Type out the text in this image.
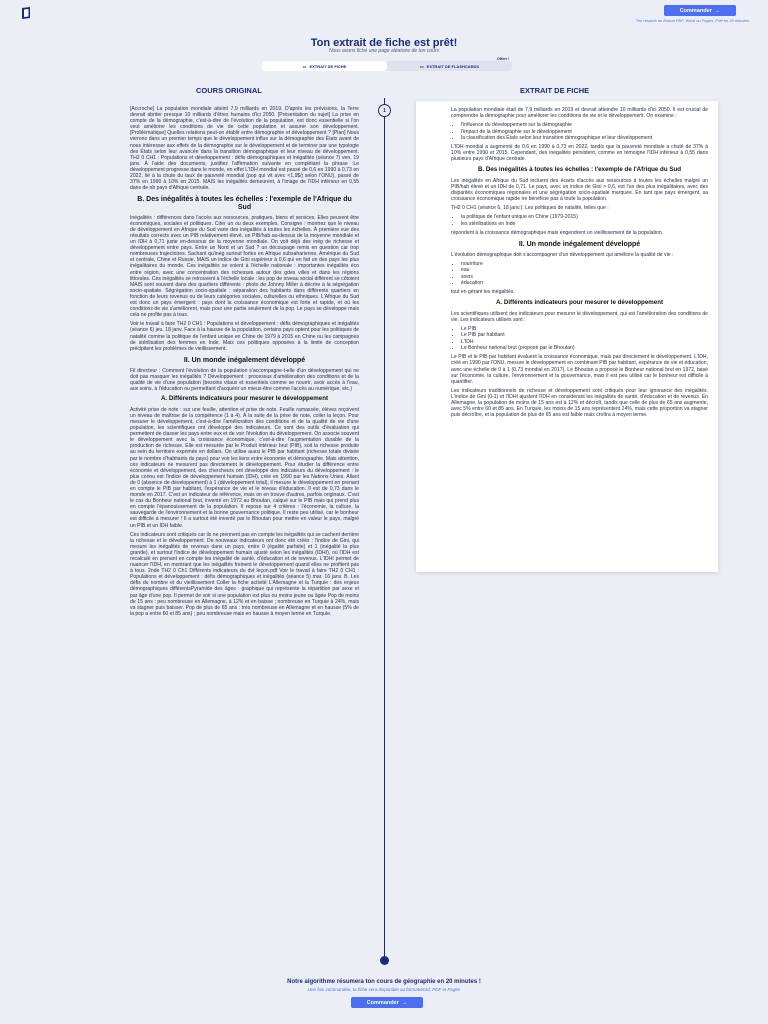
Commander →
Ton résumé au format PDF, Word ou Pages. Prêt en 20 minutes.
Ton extrait de fiche est prêt!
Nous avons fiché une page aléatoire de ton cours
▭ EXTRAIT DE FICHE	▭ EXTRAIT DE FLASHCARDS
Offert !
COURS ORIGINAL	EXTRAIT DE FICHE
1

[Accroche] La population mondiale atteint 7,9 milliards en 2019. D'après les prévisions, la Terre devrait abriter presque 10 milliards d'êtres humains d'ici 2050. [Présentation du sujet] La prise en compte de la démographie, c'est-à-dire de l'évolution de la population, est donc essentielle si l'on veut améliorer les conditions de vie de cette population et assurer son développement. [Problématique] Quelles relations peut-on établir entre démographie et développement ? [Plan] Nous verrons dans un premier temps que le développement influe sur la démographie des États avant de nous intéresser aux effets de la démographie sur le développement et de terminer par une typologie des États selon leur avancée dans la transition démographique et leur niveau de développement. TH2 0 CH1 : Populations et développement : défis démographiques et inégalités (séance 7) ven. 19 janv. À l'aide des documents, justifiez l'affirmation suivante en complétant la phrase :Le développement progresse dans le monde, en effet L'IDH mondial est passé de 0,6 en 1990 à 0,73 en 2022, lié à la chute du taux de pauvreté mondial (pop qui vit avec <1,9$/j selon l'ONU), passé de 37% en 1990 à 10% en 2015. MAIS les inégalités demeurent, à l'image de l'IDH inférieur en 0,55 dans de nb pays d'Afrique centrale.

B. Des inégalités à toutes les échelles : l'exemple de l'Afrique du Sud

Inégalités : différences dans l'accès aux ressources, pratiques, biens et services. Elles peuvent être économiques, sociales et politiques. Citer un ou deux exemples. Consigne : montrez que le niveau de développement en Afrique du Sud varie des inégalités à toutes les échelles. À première vue des résultats corrects avec un PIB relativement élevé, un PIB/hab au-dessus de la moyenne mondiale et un IDH à 0,71 juste en-dessous de la moyenne mondiale. On voit déjà des inég de richesse et développement entre pays. Entre un Nord et un Sud ? un découpage remis en question car trop nombreuses trajectoires. Sachant qu'inég surtout fortes en Afrique subsaharienne, Amérique du Sud et centrale, Chine et Russie. MAIS un indice de Gini supérieur à 0,6 qui en fait un des pays les plus inégalitaires du monde. Ces inégalités se voient à l'échelle nationale : importantes inégalités éco entre région, avec une concentration des richesses autour des gdes villes et dans les régions littorales. Ces inégalités se retrouvent à l'échelle locale : les pop de niveau social différent se côtoient MAIS sont souvent dans des quartiers différents : photo de Johnny Miller à décrire à la ségrégation socio-spatiale. Ségrégation socio-spatiale : séparation des habitants dans différents quartiers en fonction de leurs revenus ou de leurs catégories sociales, culturelles ou ethniques. L'Afrique du Sud est donc un pays émergent : pays dont la croissance économique est forte et rapide, et où les conditions de vie s'améliorent, mais pour une partie seulement de la pop. Le pays se développe mais cela ne profite pas à tous.

Voir le travail à faire TH2 0 CH1 : Populations et développement : défis démographiques et inégalités (séance 6) jeu. 18 janv. Face à la hausse de la population, certains pays optent pour les politiques de natalité comme la politique de l'enfant unique en Chine de 1979 à 2015 en Chine ou les campagnes de stérilisation des femmes en Inde. Mais ces politiques opposées à la limite de conception précipitent les problèmes de vieillissement.

II. Un monde inégalement développé

Fil directeur : Comment l'évolution de la population s'accompagne-t-elle d'un développement qui ne doit pas masquer les inégalités ? Développement : processus d'amélioration des conditions et de la qualité de vie d'une population (besoins vitaux et essentiels comme se nourrir, avoir accès à l'eau, aux soins, à l'éducation ou permettant d'acquérir un mieux-être comme l'accès au numérique, etc.)

A. Différents indicateurs pour mesurer le développement

Activité prise de note : sur une feuille, attention et prise de note. Feuille ramassée, élèves reçoivent un niveau de maîtrise de la compétence (1 à 4). À la suite de la prise de note, coller la leçon. Pour mesurer le développement, c'est-à-dire l'amélioration des conditions et de la qualité de vie d'une population, les scientifiques ont développé des indicateurs. Ce sont des outils d'évaluation qui permettent de classer les pays entre eux et de voir l'évolution du développement. On associe souvent le développement avec la croissance économique, c'est-à-dire l'augmentation durable de la production de richesse. Elle est mesurée par le Produit intérieur brut (PIB), soit la richesse produite au sein du territoire exprimée en dollars. On utilise aussi le PIB par habitant (richesse totale divisée par le nombre d'habitants du pays) pour voir les liens entre économie et démographie. Mais attention, ces indicateurs ne mesurent pas directement le développement. Pour étudier la différence entre économie et développement, des chercheurs ont développé des indicateurs du développement : le plus connu est l'indice de développement humain (IDH), créé en 1990 par les Nations Unies. Allant de 0 (absence de développement) à 1 (développement total), il mesure le développement en prenant en compte le PIB par habitant, l'espérance de vie et le niveau d'éducation. Il est de 0,73 dans le monde en 2017. C'est un indicateur de référence, mais on en trouve d'autres, parfois originaux. C'est le cas du Bonheur national brut, inventé en 1972 au Bhoutan, calqué sur le PIB mais qui prend plus en compte l'épanouissement de la population. Il repose sur 4 critères : l'économie, la culture, la sauvegarde de l'environnement et la bonne gouvernance politique. Il reste peu utilisé, car le bonheur est difficile à mesurer ! Il a surtout été inventé par le Bhoutan pour mettre en valeur le pays, malgré un PIB et un IDH faible.

Ces indicateurs sont critiqués car ils ne prennent pas en compte les inégalités qui se cachent derrière la richesse et le développement. De nouveaux indicateurs ont donc été créés : l'indice de Gini, qui mesure les inégalités de revenus dans un pays, entre 0 (égalité parfaite) et 1 (inégalité la plus grande), et surtout l'indice de développement humain ajusté selon les inégalités (IDHI), où l'IDH est recalculé en prenant en compte les inégalité de santé, d'éducation et de revenus. L'IDHI permet de nuancer l'IDH, en montrant que les inégalités freinent le développement quand elles ne profitent pas à tous. 2nde TH2 0 Ch1 Différents indicateurs du dvt leçon.pdf Voir le travail à faire TH2 0 CH1 : Populations et développement : défis démographiques et inégalités (séance 5) mar. 16 janv. B. Les défis du nombre et du vieillissement Coller la fiche activité L'Allemagne et la Turquie : des enjeux démographiques différentsPyramide des âges : graphique qui représente la répartition par sexe et par âge d'une pop. Il permet de voir si une population est plus ou moins jeune ou âgée Pop de moins de 15 ans : peu nombreuse en Allemagne, à 12% et en baisse ; nombreuse en Turquie à 24%, mais va stagner puis baisser. Pop de plus de 65 ans : très nombreuse en Allemagne et en hausse (5% de la pop a entre 60 et 85 ans) ; peu nombreuse mais en hausse à moyen terme en Turquie.

La population mondiale était de 7,9 milliards en 2019 et devrait atteindre 10 milliards d'ici 2050. Il est crucial de comprendre la démographie pour améliorer les conditions de vie et le développement. On examine :

• l'influence du développement sur la démographie
• l'impact de la démographie sur le développement
• la classification des États selon leur transition démographique et leur développement

L'IDH mondial a augmenté de 0,6 en 1990 à 0,73 en 2022, tandis que la pauvreté mondiale a chuté de 37% à 10% entre 1990 et 2015. Cependant, des inégalités persistent, comme en témoigne l'IDH inférieur à 0,55 dans plusieurs pays d'Afrique centrale.

B. Des inégalités à toutes les échelles : l'exemple de l'Afrique du Sud

Les inégalités en Afrique du Sud incluent des écarts d'accès aux ressources à toutes les échelles malgré un PIB/hab élevé et un IDH de 0,71. Le pays, avec un indice de Gini > 0,6, est l'un des plus inégalitaires, avec des disparités économiques régionales et une ségrégation socio-spatiale marquée. En tant que pays émergent, sa croissance économique rapide ne bénéficie pas à toute la population.

TH2 0 CH1 (séance 6, 18 janv.): Les politiques de natalité, telles que :

• la politique de l'enfant unique en Chine (1979-2015)
• les stérilisations en Inde

répondent à la croissance démographique mais engendrent un vieillissement de la population.

II. Un monde inégalement développé

L'évolution démographique doit s'accompagner d'un développement qui améliore la qualité de vie :

• nourriture
• eau
• soins
• éducation

tout en gérant les inégalités.

A. Différents indicateurs pour mesurer le développement

Les scientifiques utilisent des indicateurs pour mesurer le développement, qui est l'amélioration des conditions de vie. Les indicateurs utilisés sont :

• Le PIB
• Le PIB par habitant
• L'IDH
• Le Bonheur national brut (proposé par le Bhoutan)

Le PIB et le PIB par habitant évaluent la croissance économique, mais pas directement le développement. L'IDH, créé en 1990 par l'ONU, mesure le développement en combinant PIB par habitant, espérance de vie et éducation, avec une échelle de 0 à 1 (0,73 mondial en 2017). Le Bhoutan a proposé le Bonheur national brut en 1972, basé sur l'économie, la culture, l'environnement et la gouvernance, mais il est peu utilisé car le bonheur est difficile à quantifier.

Les indicateurs traditionnels de richesse et développement sont critiqués pour leur ignorance des inégalités. L'indice de Gini (0-1) et l'IDHI ajustent l'IDH en considérant les inégalités de santé, d'éducation et de revenus. En Allemagne, la population de moins de 15 ans est à 12% et décroît, tandis que celle de plus de 65 ans augmente, avec 5% entre 60 et 85 ans. En Turquie, les moins de 15 ans représentent 24%, mais cette proportion va stagner puis décroître, et la population de plus de 65 ans est faible mais croîtra à moyen terme.

Notre algorithme résumera ton cours de géographie en 20 minutes !
Une fois commandée, ta fiche sera disponible au formatWord, PDF et Pages
Commander →
